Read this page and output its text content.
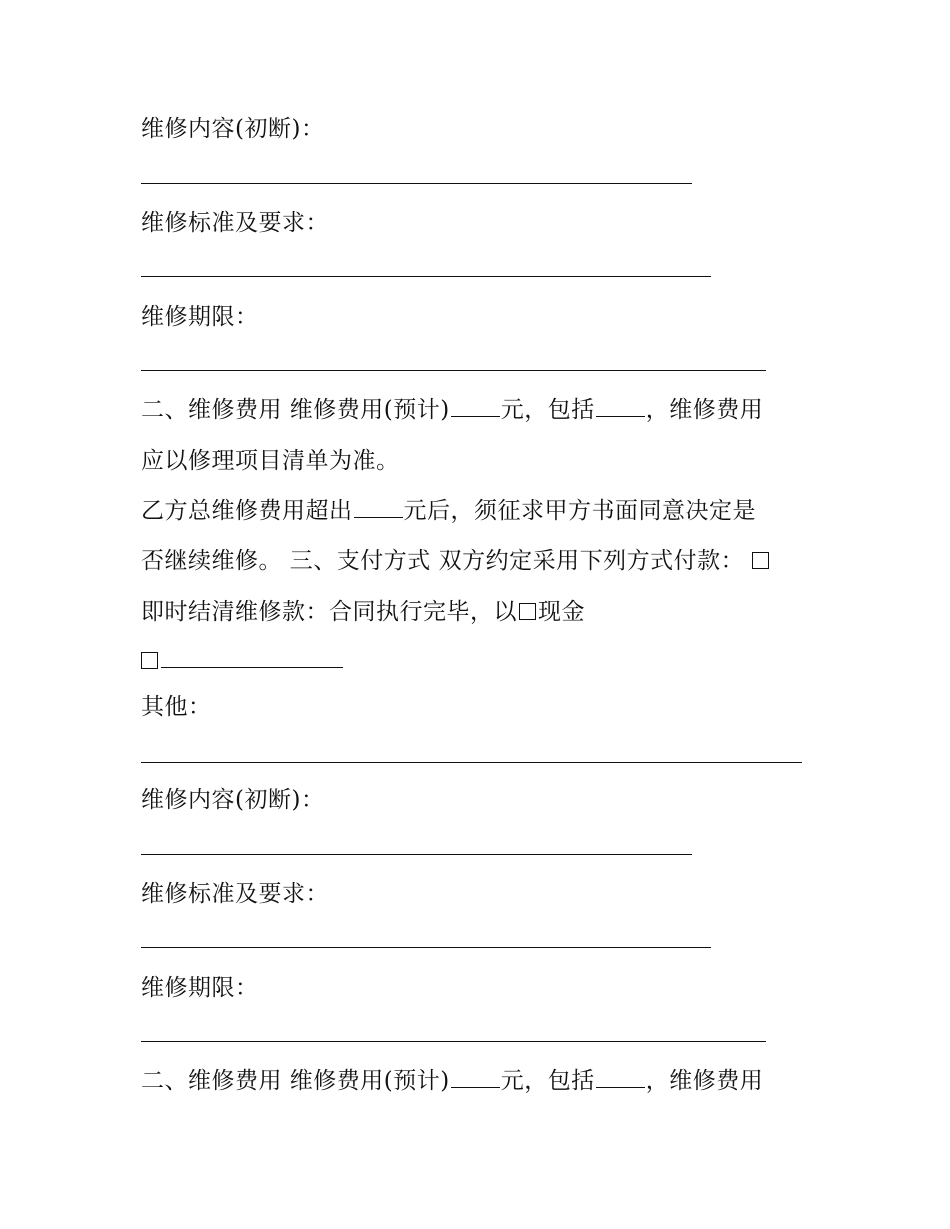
维修内容(初断)：
维修标准及要求：
维修期限：
二、维修费用 维修费用(预计) 元，包括 ，维修费用
应以修理项目清单为准。
乙方总维修费用超出 元后，须征求甲方书面同意决定是
否继续维修。 三、支付方式 双方约定采用下列方式付款：
即时结清维修款：合同执行完毕，以 现金
其他：
维修内容(初断)：
维修标准及要求：
维修期限：
二、维修费用 维修费用(预计) 元，包括 ，维修费用
